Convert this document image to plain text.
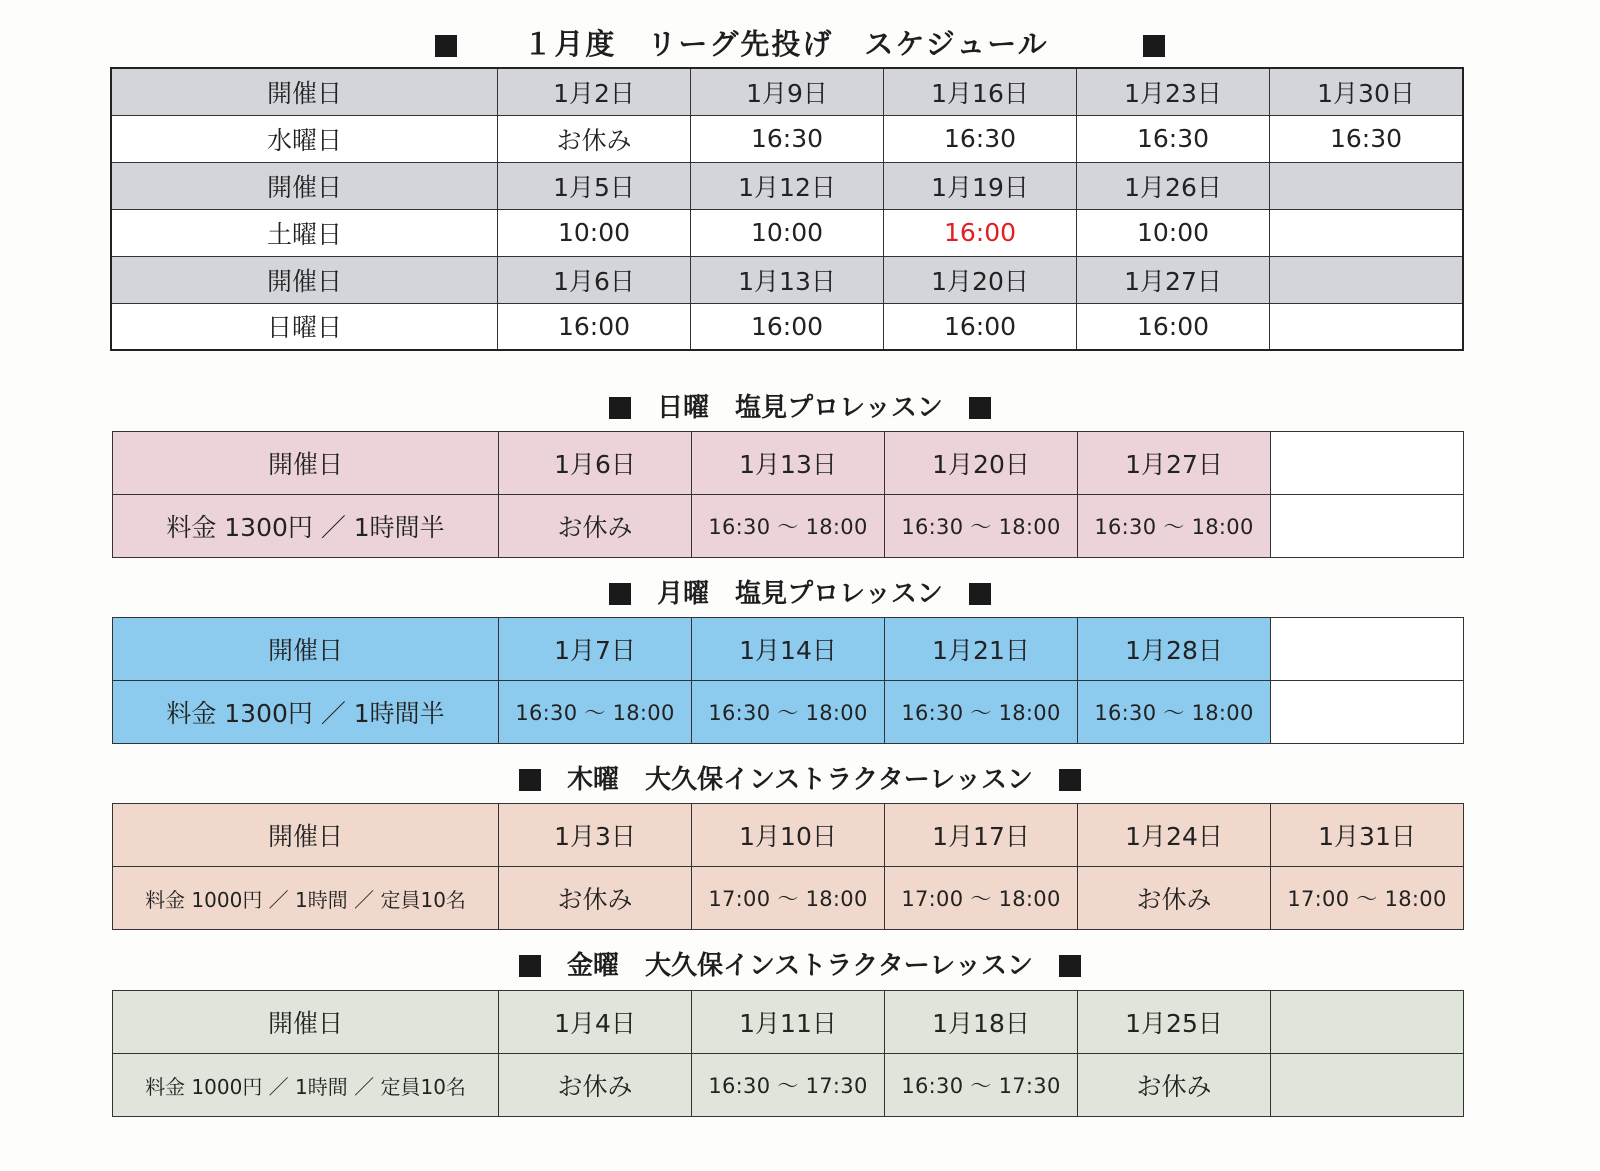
１月度　リーグ先投げ　スケジュール
開催日	1月2日	1月9日	1月16日	1月23日	1月30日
水曜日	お休み	16:30	16:30	16:30	16:30
開催日	1月5日	1月12日	1月19日	1月26日	
土曜日	10:00	10:00	16:00	10:00	
開催日	1月6日	1月13日	1月20日	1月27日	
日曜日	16:00	16:00	16:00	16:00	
日曜　塩見プロレッスン
開催日	1月6日	1月13日	1月20日	1月27日	
料金 1300円 ／ 1時間半	お休み	16:30 ～ 18:00	16:30 ～ 18:00	16:30 ～ 18:00	
月曜　塩見プロレッスン
開催日	1月7日	1月14日	1月21日	1月28日	
料金 1300円 ／ 1時間半	16:30 ～ 18:00	16:30 ～ 18:00	16:30 ～ 18:00	16:30 ～ 18:00	
木曜　大久保インストラクターレッスン
開催日	1月3日	1月10日	1月17日	1月24日	1月31日
料金 1000円 ／ 1時間 ／ 定員10名	お休み	17:00 ～ 18:00	17:00 ～ 18:00	お休み	17:00 ～ 18:00
金曜　大久保インストラクターレッスン
開催日	1月4日	1月11日	1月18日	1月25日	
料金 1000円 ／ 1時間 ／ 定員10名	お休み	16:30 ～ 17:30	16:30 ～ 17:30	お休み	
